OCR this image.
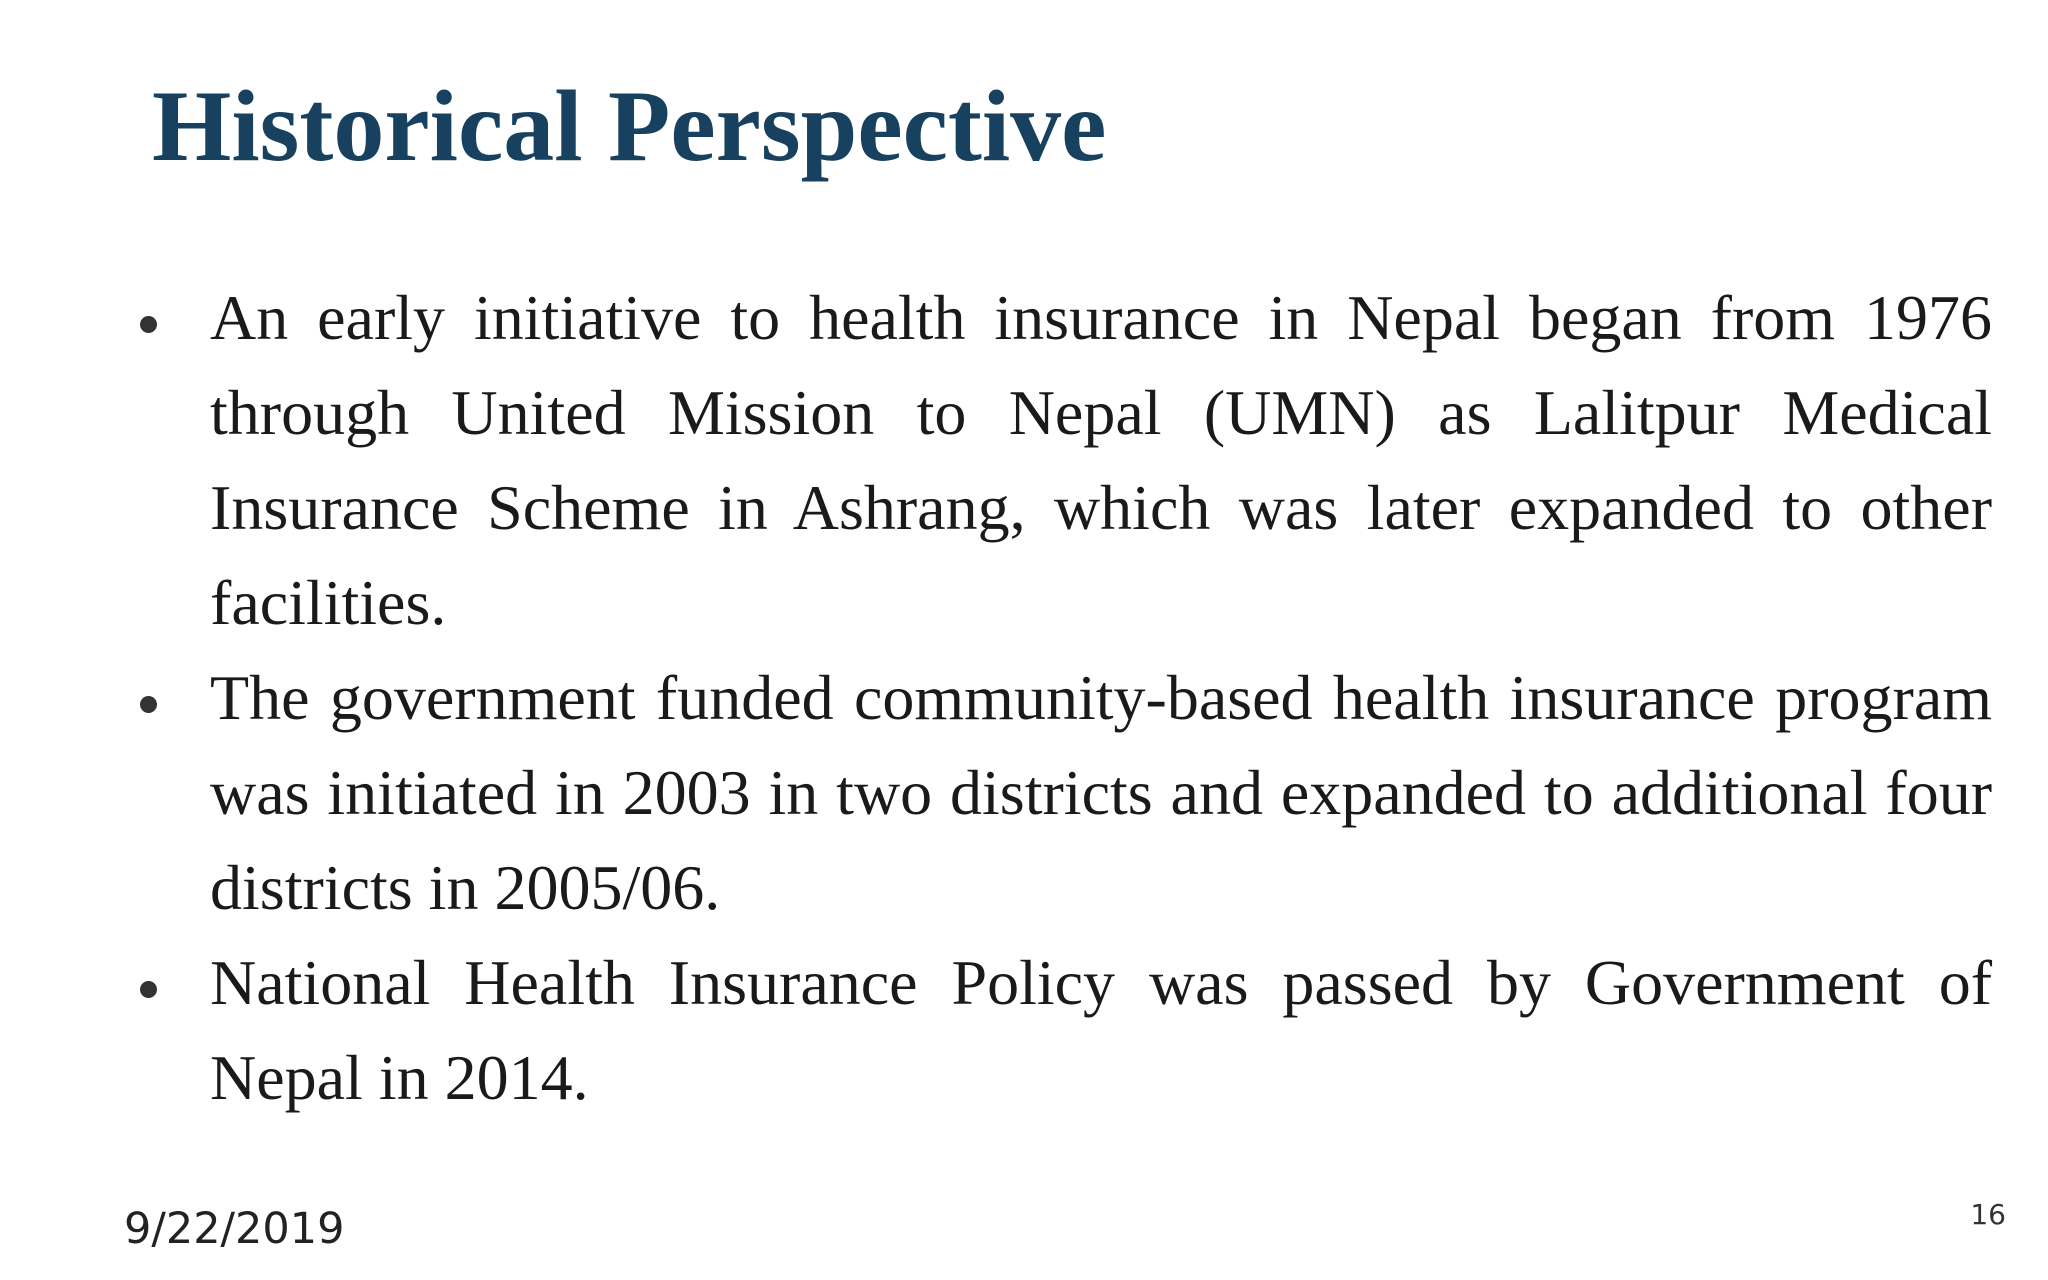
Historical Perspective
An early initiative to health insurance in Nepal began from 1976 through United Mission to Nepal (UMN) as Lalitpur Medical Insurance Scheme in Ashrang, which was later expanded to other facilities.
The government funded community-based health insurance program was initiated in 2003 in two districts and expanded to additional four districts in 2005/06.
National Health Insurance Policy was passed by Government of Nepal in 2014.
9/22/2019	16
